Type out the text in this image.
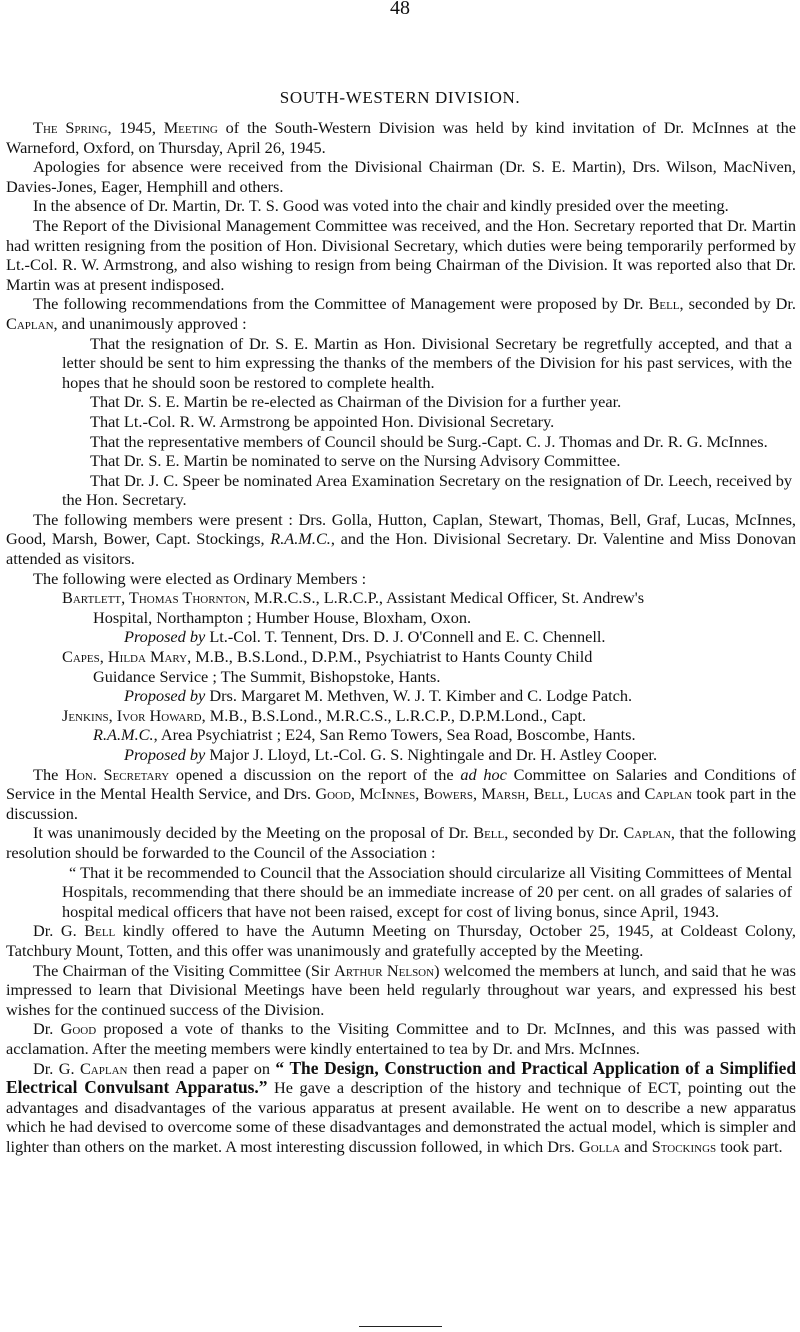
48
SOUTH-WESTERN DIVISION.

The Spring, 1945, Meeting of the South-Western Division was held by kind invitation of Dr. McInnes at the Warneford, Oxford, on Thursday, April 26, 1945.

Apologies for absence were received from the Divisional Chairman (Dr. S. E. Martin), Drs. Wilson, MacNiven, Davies-Jones, Eager, Hemphill and others.

In the absence of Dr. Martin, Dr. T. S. Good was voted into the chair and kindly presided over the meeting.

The Report of the Divisional Management Committee was received, and the Hon. Secretary reported that Dr. Martin had written resigning from the position of Hon. Divisional Secretary, which duties were being temporarily performed by Lt.-Col. R. W. Armstrong, and also wishing to resign from being Chairman of the Division. It was reported also that Dr. Martin was at present indisposed.

The following recommendations from the Committee of Management were proposed by Dr. Bell, seconded by Dr. Caplan, and unanimously approved :

That the resignation of Dr. S. E. Martin as Hon. Divisional Secretary be regretfully accepted, and that a letter should be sent to him expressing the thanks of the members of the Division for his past services, with the hopes that he should soon be restored to complete health.

That Dr. S. E. Martin be re-elected as Chairman of the Division for a further year.

That Lt.-Col. R. W. Armstrong be appointed Hon. Divisional Secretary.

That the representative members of Council should be Surg.-Capt. C. J. Thomas and Dr. R. G. McInnes.

That Dr. S. E. Martin be nominated to serve on the Nursing Advisory Committee.

That Dr. J. C. Speer be nominated Area Examination Secretary on the resignation of Dr. Leech, received by the Hon. Secretary.

The following members were present : Drs. Golla, Hutton, Caplan, Stewart, Thomas, Bell, Graf, Lucas, McInnes, Good, Marsh, Bower, Capt. Stockings, R.A.M.C., and the Hon. Divisional Secretary. Dr. Valentine and Miss Donovan attended as visitors.

The following were elected as Ordinary Members :

Bartlett, Thomas Thornton, M.R.C.S., L.R.C.P., Assistant Medical Officer, St. Andrew's

Hospital, Northampton ; Humber House, Bloxham, Oxon.

Proposed by Lt.-Col. T. Tennent, Drs. D. J. O'Connell and E. C. Chennell.

Capes, Hilda Mary, M.B., B.S.Lond., D.P.M., Psychiatrist to Hants County Child

Guidance Service ; The Summit, Bishopstoke, Hants.

Proposed by Drs. Margaret M. Methven, W. J. T. Kimber and C. Lodge Patch.

Jenkins, Ivor Howard, M.B., B.S.Lond., M.R.C.S., L.R.C.P., D.P.M.Lond., Capt.

R.A.M.C., Area Psychiatrist ; E24, San Remo Towers, Sea Road, Boscombe, Hants.

Proposed by Major J. Lloyd, Lt.-Col. G. S. Nightingale and Dr. H. Astley Cooper.

The Hon. Secretary opened a discussion on the report of the ad hoc Committee on Salaries and Conditions of Service in the Mental Health Service, and Drs. Good, McInnes, Bowers, Marsh, Bell, Lucas and Caplan took part in the discussion.

It was unanimously decided by the Meeting on the proposal of Dr. Bell, seconded by Dr. Caplan, that the following resolution should be forwarded to the Council of the Association :

“ That it be recommended to Council that the Association should circularize all Visiting Committees of Mental Hospitals, recommending that there should be an immediate increase of 20 per cent. on all grades of salaries of hospital medical officers that have not been raised, except for cost of living bonus, since April, 1943.

Dr. G. Bell kindly offered to have the Autumn Meeting on Thursday, October 25, 1945, at Coldeast Colony, Tatchbury Mount, Totten, and this offer was unanimously and gratefully accepted by the Meeting.

The Chairman of the Visiting Committee (Sir Arthur Nelson) welcomed the members at lunch, and said that he was impressed to learn that Divisional Meetings have been held regularly throughout war years, and expressed his best wishes for the continued success of the Division.

Dr. Good proposed a vote of thanks to the Visiting Committee and to Dr. McInnes, and this was passed with acclamation. After the meeting members were kindly entertained to tea by Dr. and Mrs. McInnes.

Dr. G. Caplan then read a paper on “ The Design, Construction and Practical Application of a Simplified Electrical Convulsant Apparatus.” He gave a description of the history and technique of ECT, pointing out the advantages and disadvantages of the various apparatus at present available. He went on to describe a new apparatus which he had devised to overcome some of these disadvantages and demonstrated the actual model, which is simpler and lighter than others on the market. A most interesting discussion followed, in which Drs. Golla and Stockings took part.
